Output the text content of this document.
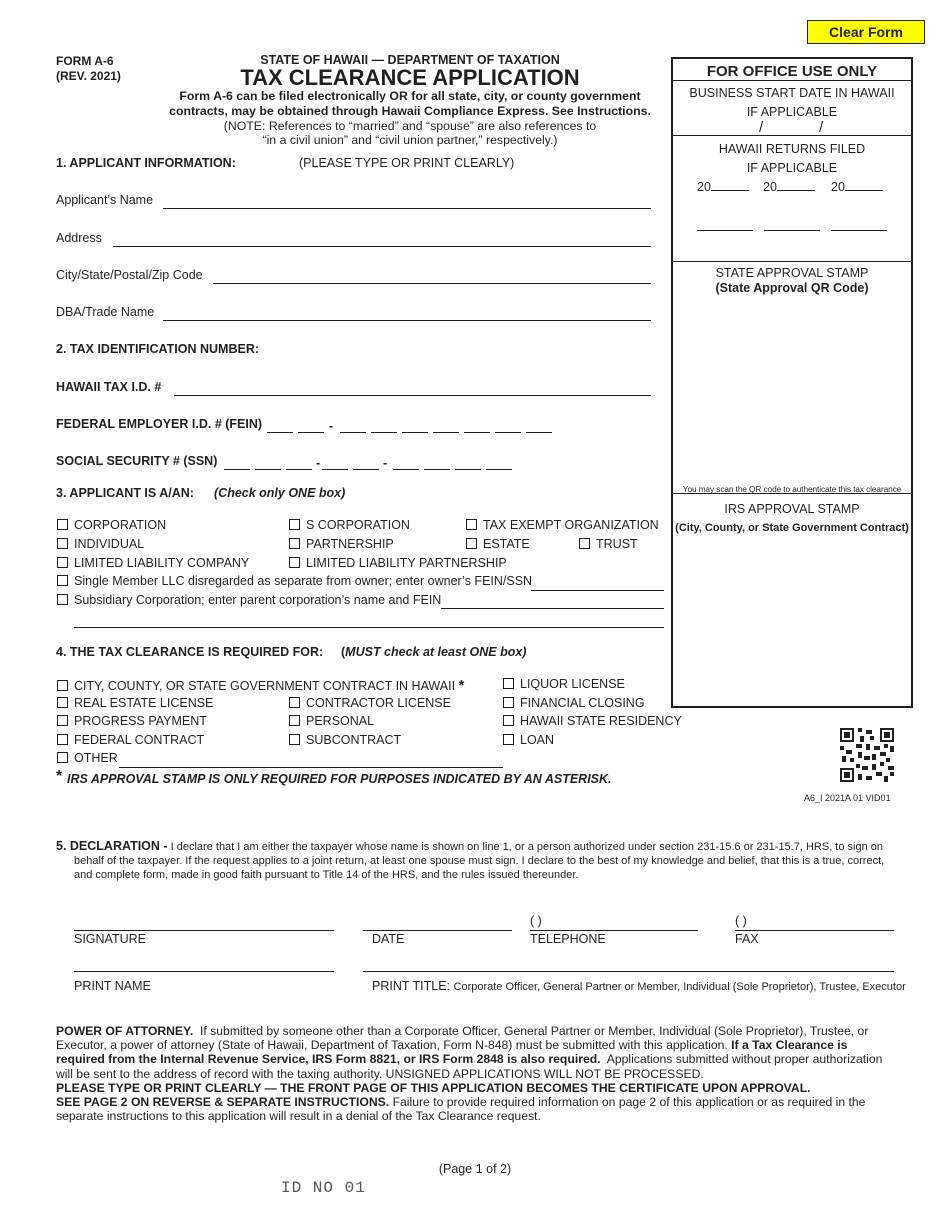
Clear Form
FORM A-6
(REV. 2021)
STATE OF HAWAII — DEPARTMENT OF TAXATION
TAX CLEARANCE APPLICATION
Form A-6 can be filed electronically OR for all state, city, or county government
contracts, may be obtained through Hawaii Compliance Express. See Instructions.
(NOTE: References to “married” and “spouse” are also references to
“in a civil union” and “civil union partner,” respectively.)
FOR OFFICE USE ONLY
BUSINESS START DATE IN HAWAII
IF APPLICABLE
/	/
HAWAII RETURNS FILED
IF APPLICABLE
20	20	20
STATE APPROVAL STAMP
(State Approval QR Code)
You may scan the QR code to authenticate this tax clearance
IRS APPROVAL STAMP
(City, County, or State Government Contract)
1. APPLICANT INFORMATION:	(PLEASE TYPE OR PRINT CLEARLY)
Applicant’s Name
Address
City/State/Postal/Zip Code
DBA/Trade Name
2. TAX IDENTIFICATION NUMBER:
HAWAII TAX I.D. #
FEDERAL EMPLOYER I.D. # (FEIN)	-
SOCIAL SECURITY # (SSN)	-	-
3. APPLICANT IS A/AN: (Check only ONE box)
CORPORATION	S CORPORATION	TAX EXEMPT ORGANIZATION
INDIVIDUAL	PARTNERSHIP	ESTATE	TRUST
LIMITED LIABILITY COMPANY	LIMITED LIABILITY PARTNERSHIP
Single Member LLC disregarded as separate from owner; enter owner’s FEIN/SSN
Subsidiary Corporation; enter parent corporation’s name and FEIN
4. THE TAX CLEARANCE IS REQUIRED FOR: (MUST check at least ONE box)
CITY, COUNTY, OR STATE GOVERNMENT CONTRACT IN HAWAII *	LIQUOR LICENSE
REAL ESTATE LICENSE	CONTRACTOR LICENSE	FINANCIAL CLOSING
PROGRESS PAYMENT	PERSONAL	HAWAII STATE RESIDENCY
FEDERAL CONTRACT	SUBCONTRACT	LOAN
OTHER
* IRS APPROVAL STAMP IS ONLY REQUIRED FOR PURPOSES INDICATED BY AN ASTERISK.
A6_I 2021A 01 VID01
5. DECLARATION - I declare that I am either the taxpayer whose name is shown on line 1, or a person authorized under section 231-15.6 or 231-15.7, HRS, to sign on
behalf of the taxpayer. If the request applies to a joint return, at least one spouse must sign. I declare to the best of my knowledge and belief, that this is a true, correct,
and complete form, made in good faith pursuant to Title 14 of the HRS, and the rules issued thereunder.
( )	( )
SIGNATURE	DATE	TELEPHONE	FAX
PRINT NAME	PRINT TITLE: Corporate Officer, General Partner or Member, Individual (Sole Proprietor), Trustee, Executor
POWER OF ATTORNEY. If submitted by someone other than a Corporate Officer, General Partner or Member, Individual (Sole Proprietor), Trustee, or Executor, a power of attorney (State of Hawaii, Department of Taxation, Form N-848) must be submitted with this application. If a Tax Clearance is required from the Internal Revenue Service, IRS Form 8821, or IRS Form 2848 is also required. Applications submitted without proper authorization will be sent to the address of record with the taxing authority. UNSIGNED APPLICATIONS WILL NOT BE PROCESSED.
PLEASE TYPE OR PRINT CLEARLY — THE FRONT PAGE OF THIS APPLICATION BECOMES THE CERTIFICATE UPON APPROVAL.
SEE PAGE 2 ON REVERSE & SEPARATE INSTRUCTIONS. Failure to provide required information on page 2 of this application or as required in the separate instructions to this application will result in a denial of the Tax Clearance request.
(Page 1 of 2)
ID NO 01
